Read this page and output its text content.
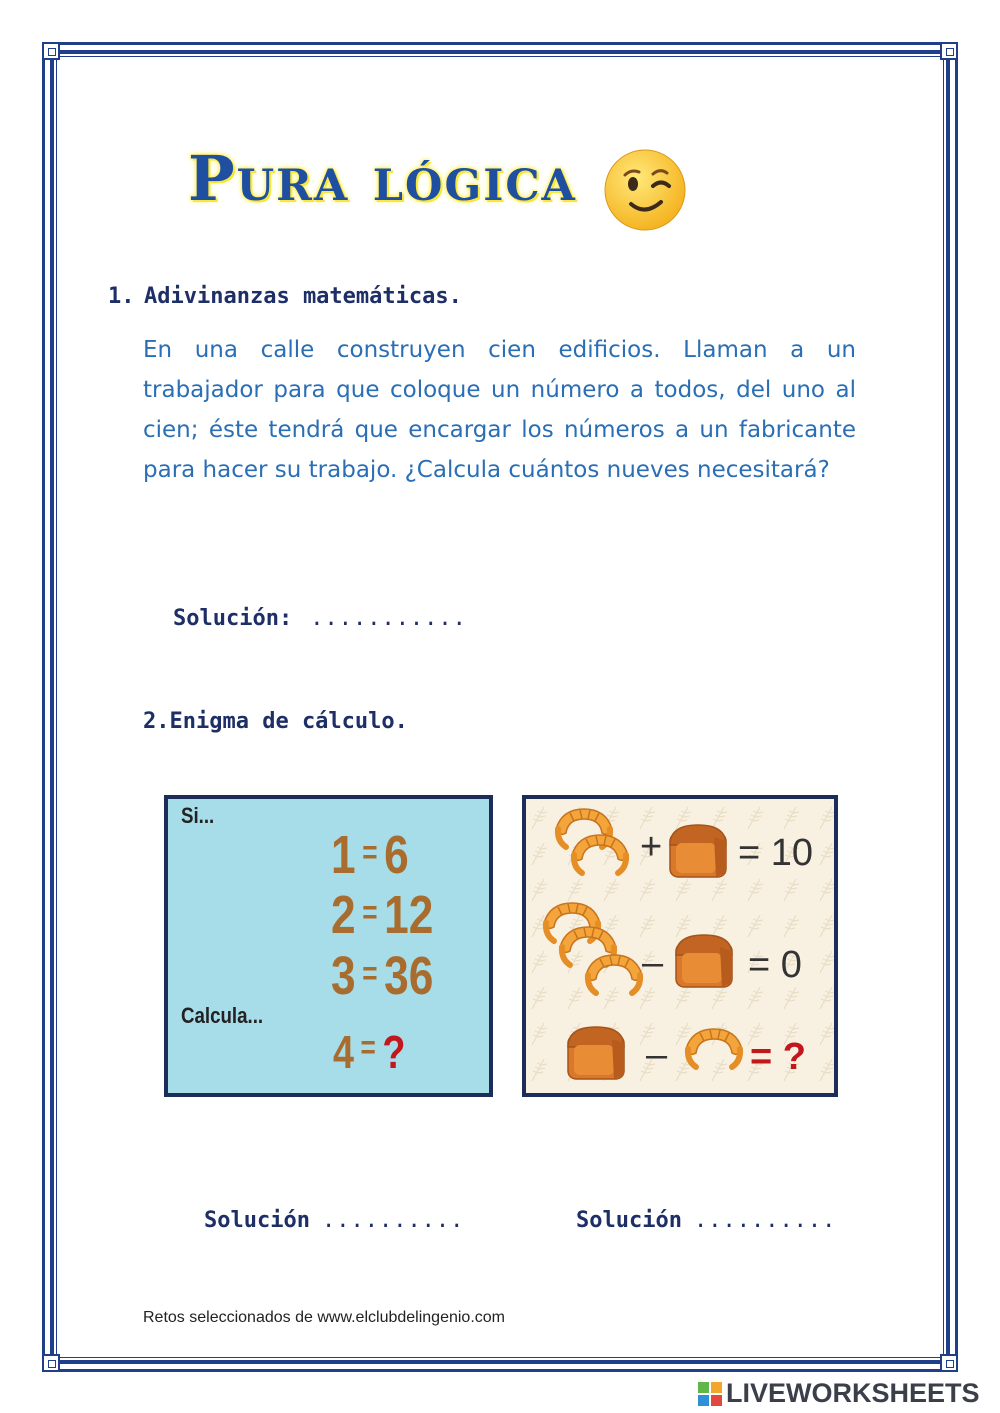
Pura lógica
1. Adivinanzas matemáticas.
En una calle construyen cien edificios. Llaman a un trabajador para que coloque un número a todos, del uno al cien; éste tendrá que encargar los números a un fabricante para hacer su trabajo. ¿Calcula cuántos nueves necesitará?
Solución: ...........
2.Enigma de cálculo.
Si...
Calcula...
1 = 6
2 = 12
3 = 36
4 = ?
+ = 10
– = 0
– = ?
Solución ..........	Solución ..........
Retos seleccionados de www.elclubdelingenio.com
LIVEWORKSHEETS
